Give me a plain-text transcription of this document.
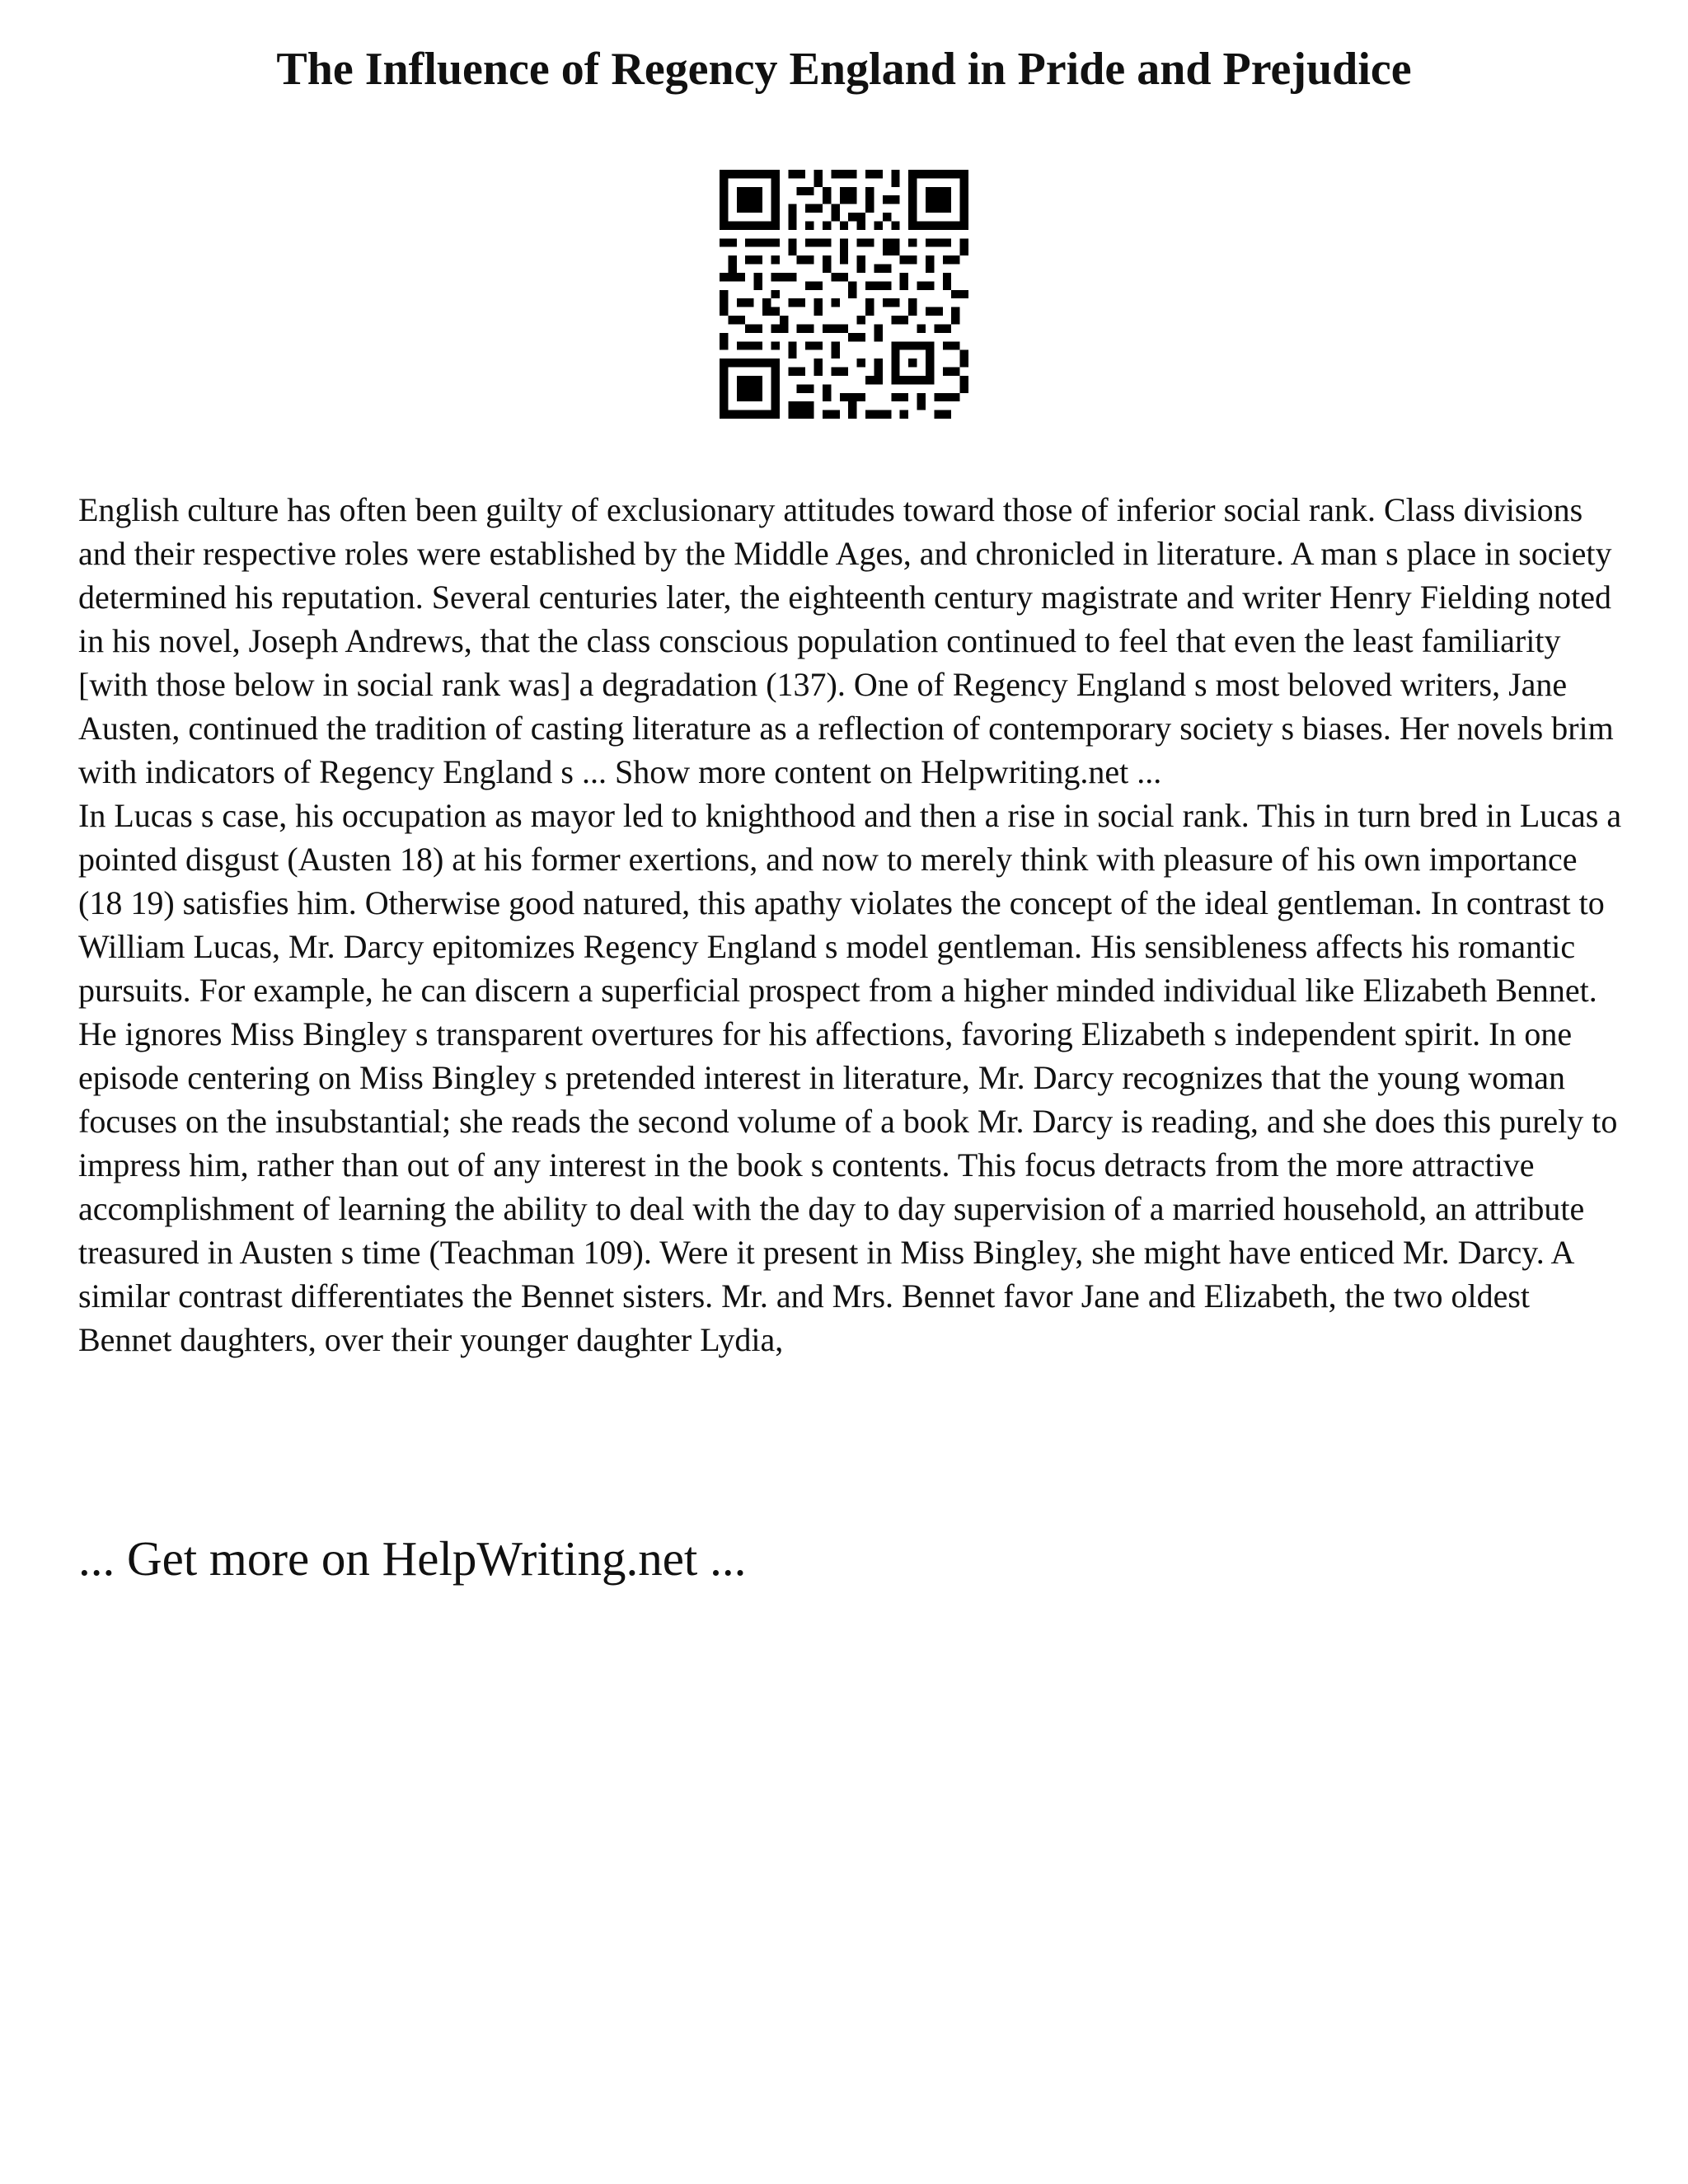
The Influence of Regency England in Pride and Prejudice

English culture has often been guilty of exclusionary attitudes toward those of inferior social rank. Class divisions and their respective roles were established by the Middle Ages, and chronicled in literature. A man s place in society determined his reputation. Several centuries later, the eighteenth century magistrate and writer Henry Fielding noted in his novel, Joseph Andrews, that the class conscious population continued to feel that even the least familiarity [with those below in social rank was] a degradation (137). One of Regency England s most beloved writers, Jane Austen, continued the tradition of casting literature as a reflection of contemporary society s biases. Her novels brim with indicators of Regency England s ... Show more content on Helpwriting.net ...

In Lucas s case, his occupation as mayor led to knighthood and then a rise in social rank. This in turn bred in Lucas a pointed disgust (Austen 18) at his former exertions, and now to merely think with pleasure of his own importance (18 19) satisfies him. Otherwise good natured, this apathy violates the concept of the ideal gentleman. In contrast to William Lucas, Mr. Darcy epitomizes Regency England s model gentleman. His sensibleness affects his romantic pursuits. For example, he can discern a superficial prospect from a higher minded individual like Elizabeth Bennet. He ignores Miss Bingley s transparent overtures for his affections, favoring Elizabeth s independent spirit. In one episode centering on Miss Bingley s pretended interest in literature, Mr. Darcy recognizes that the young woman focuses on the insubstantial; she reads the second volume of a book Mr. Darcy is reading, and she does this purely to impress him, rather than out of any interest in the book s contents. This focus detracts from the more attractive accomplishment of learning the ability to deal with the day to day supervision of a married household, an attribute treasured in Austen s time (Teachman 109). Were it present in Miss Bingley, she might have enticed Mr. Darcy. A similar contrast differentiates the Bennet sisters. Mr. and Mrs. Bennet favor Jane and Elizabeth, the two oldest Bennet daughters, over their younger daughter Lydia,

... Get more on HelpWriting.net ...
